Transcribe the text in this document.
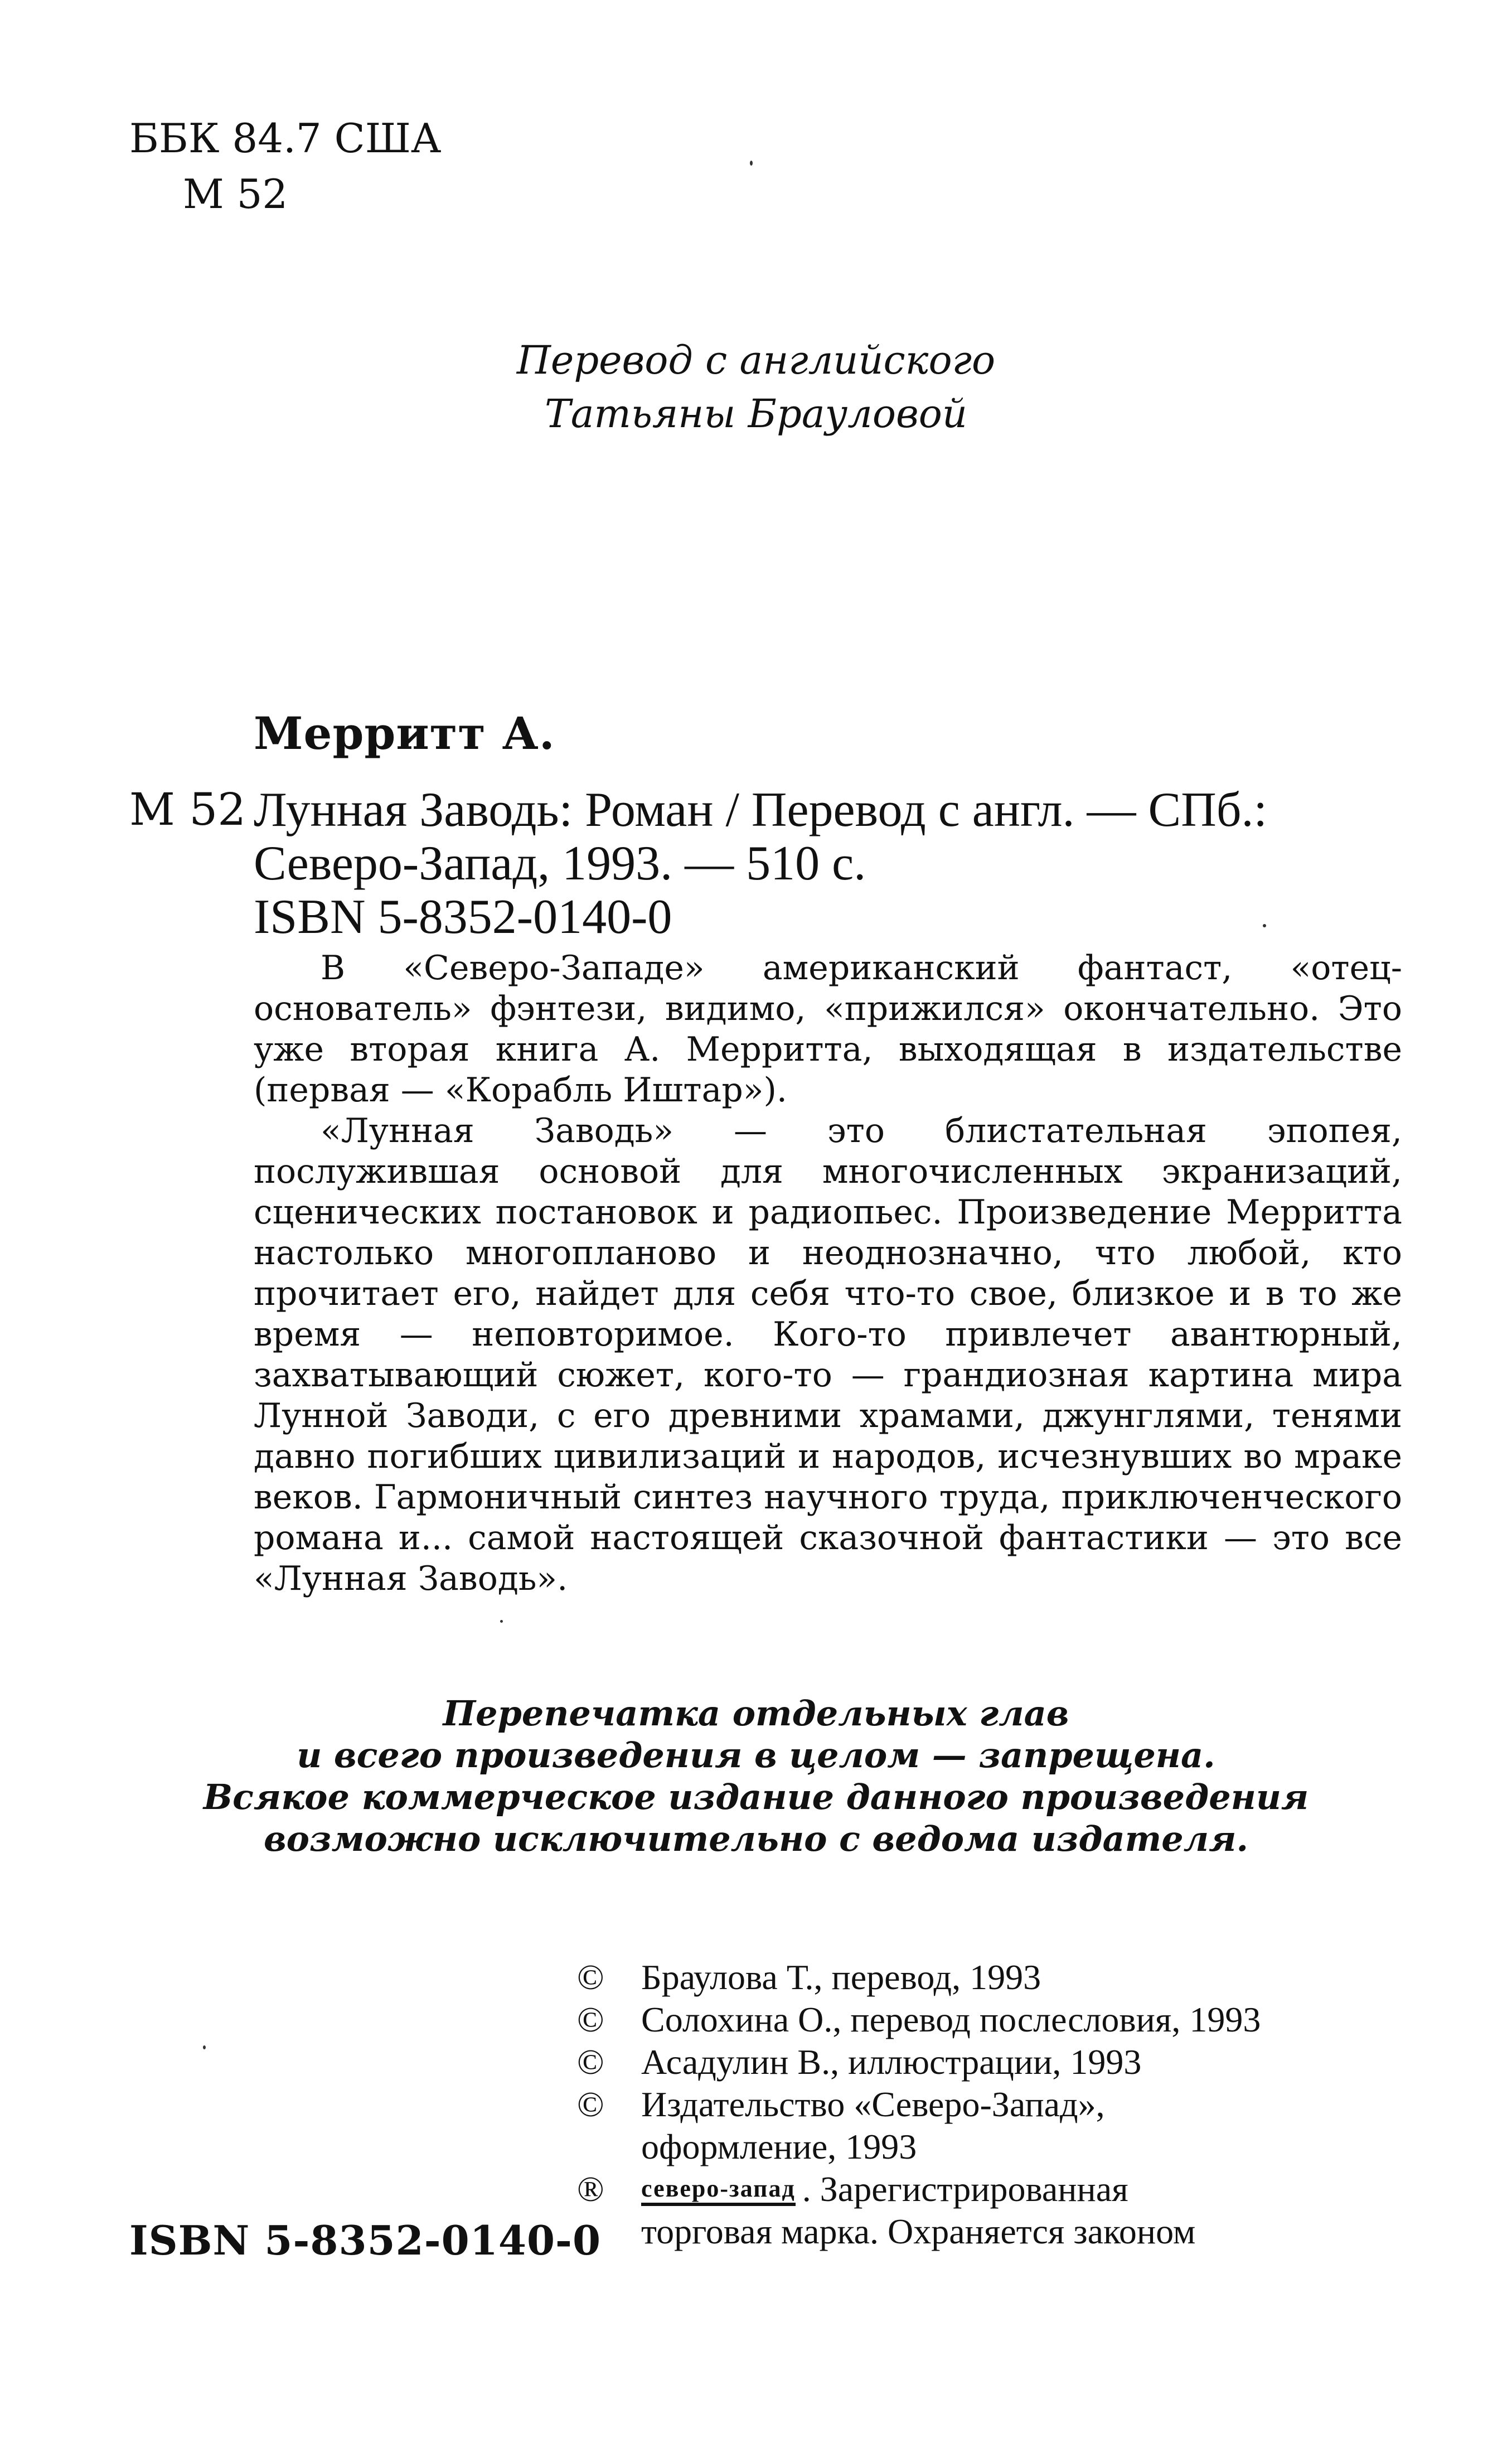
ББК 84.7 США
М 52
Перевод с английского
Татьяны Брауловой
Мерритт А.
М 52 Лунная Заводь: Роман / Перевод с англ. — СПб.:
Северо-Запад, 1993. — 510 с.
ISBN 5-8352-0140-0

В «Северо-Западе» американский фантаст, «отец-основатель» фэнтези, видимо, «прижился» окончательно. Это уже вторая книга А. Мерритта, выходящая в издательстве (первая — «Корабль Иштар»).

«Лунная Заводь» — это блистательная эпопея, послужившая основой для многочисленных экранизаций, сценических постановок и радиопьес. Произведение Мерритта настолько многопланово и неоднозначно, что любой, кто прочитает его, найдет для себя что-то свое, близкое и в то же время — неповторимое. Кого-то привлечет авантюрный, захватывающий сюжет, кого-то — грандиозная картина мира Лунной Заводи, с его древними храмами, джунглями, тенями давно погибших цивилизаций и народов, исчезнувших во мраке веков. Гармоничный синтез научного труда, приключенческого романа и... самой настоящей сказочной фантастики — это все «Лунная Заводь».

Перепечатка отдельных глав
и всего произведения в целом — запрещена.
Всякое коммерческое издание данного произведения
возможно исключительно с ведома издателя.
©	Браулова Т., перевод, 1993
©	Солохина О., перевод послесловия, 1993
©	Асадулин В., иллюстрации, 1993
©	Издательство «Северо-Запад»,
оформление, 1993
®	северо-запад . Зарегистрированная
торговая марка. Охраняется законом
ISBN 5-8352-0140-0
